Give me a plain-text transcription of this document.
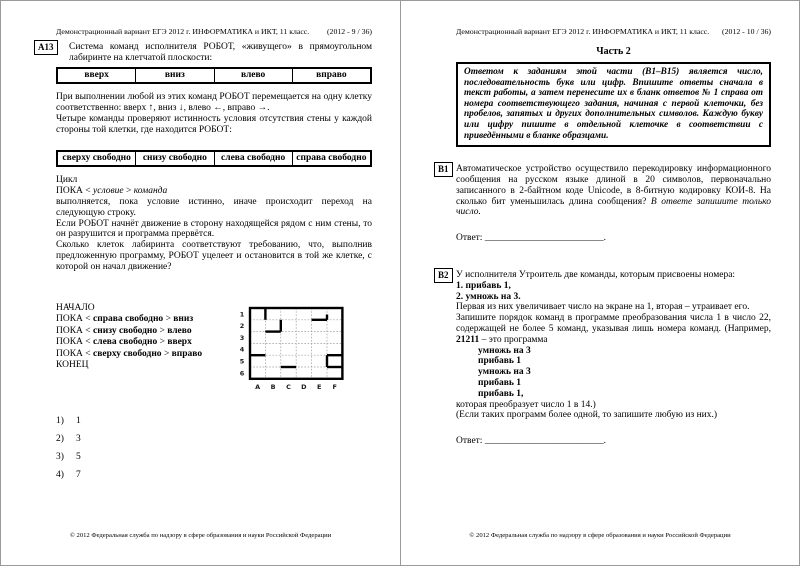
Демонстрационный вариант ЕГЭ 2012 г. ИНФОРМАТИКА и ИКТ, 11 класс. (2012 - 9 / 36)
А13	Система команд исполнителя РОБОТ, «живущего» в прямоугольном лабиринте на клетчатой плоскости:
вверх	вниз	влево	вправо
При выполнении любой из этих команд РОБОТ перемещается на одну клетку соответственно: вверх ↑, вниз ↓, влево ←, вправо →.
Четыре команды проверяют истинность условия отсутствия стены у каждой стороны той клетки, где находится РОБОТ:
сверху свободно	снизу свободно	слева свободно	справа свободно
Цикл
ПОКА < условие > команда
выполняется, пока условие истинно, иначе происходит переход на следующую строку.
Если РОБОТ начнёт движение в сторону находящейся рядом с ним стены, то он разрушится и программа прервётся.
Сколько клеток лабиринта соответствуют требованию, что, выполнив предложенную программу, РОБОТ уцелеет и остановится в той же клетке, с которой он начал движение?
НАЧАЛО
ПОКА < справа свободно > вниз
ПОКА < снизу свободно > влево
ПОКА < слева свободно > вверх
ПОКА < сверху свободно > вправо
КОНЕЦ
1
2
3
4
5
6
A B C D E F
1) 1
2) 3
3) 5
4) 7
© 2012 Федеральная служба по надзору в сфере образования и науки Российской Федерации
Демонстрационный вариант ЕГЭ 2012 г. ИНФОРМАТИКА и ИКТ, 11 класс. (2012 - 10 / 36)
Часть 2
Ответом к заданиям этой части (В1–В15) является число, последовательность букв или цифр. Впишите ответы сначала в текст работы, а затем перенесите их в бланк ответов № 1 справа от номера соответствующего задания, начиная с первой клеточки, без пробелов, запятых и других дополнительных символов. Каждую букву или цифру пишите в отдельной клеточке в соответствии с приведёнными в бланке образцами.
В1 Автоматическое устройство осуществило перекодировку информационного сообщения на русском языке длиной в 20 символов, первоначально записанного в 2-байтном коде Unicode, в 8-битную кодировку КОИ-8. На сколько бит уменьшилась длина сообщения? В ответе запишите только число.
Ответ: _________________________.
В2 У исполнителя Утроитель две команды, которым присвоены номера:
1. прибавь 1,
2. умножь на 3.
Первая из них увеличивает число на экране на 1, вторая – утраивает его.
Запишите порядок команд в программе преобразования числа 1 в число 22, содержащей не более 5 команд, указывая лишь номера команд. (Например, 21211 – это программа
умножь на 3
прибавь 1
умножь на 3
прибавь 1
прибавь 1,
которая преобразует число 1 в 14.)
(Если таких программ более одной, то запишите любую из них.)
Ответ: _________________________.
© 2012 Федеральная служба по надзору в сфере образования и науки Российской Федерации
